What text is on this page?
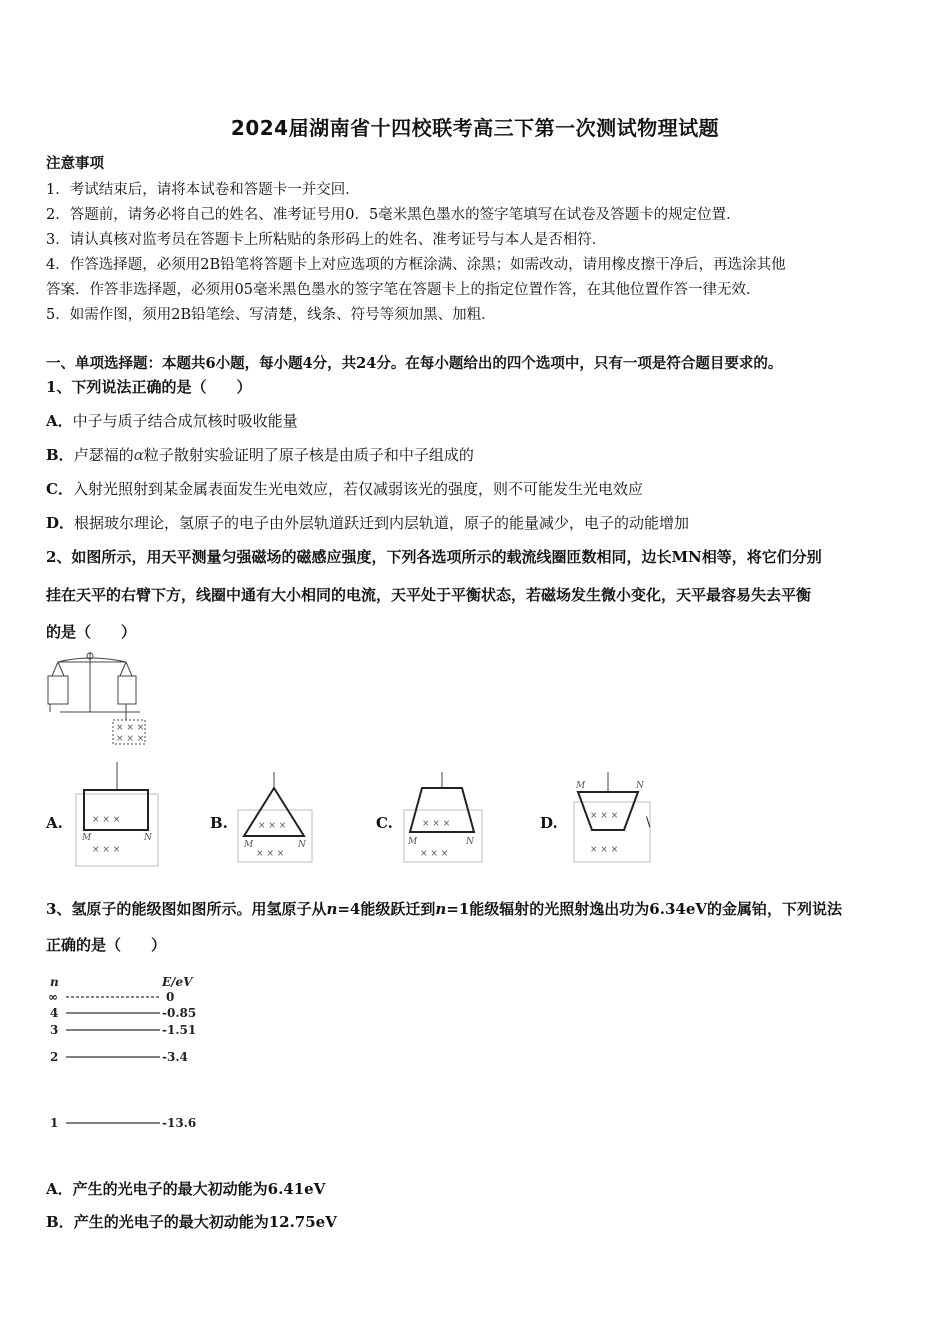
2024届湖南省十四校联考高三下第一次测试物理试题
注意事项
1．考试结束后，请将本试卷和答题卡一并交回．
2．答题前，请务必将自己的姓名、准考证号用0．5毫米黑色墨水的签字笔填写在试卷及答题卡的规定位置．
3．请认真核对监考员在答题卡上所粘贴的条形码上的姓名、准考证号与本人是否相符．
4．作答选择题，必须用2B铅笔将答题卡上对应选项的方框涂满、涂黑；如需改动，请用橡皮擦干净后，再选涂其他
答案．作答非选择题，必须用05毫米黑色墨水的签字笔在答题卡上的指定位置作答，在其他位置作答一律无效．
5．如需作图，须用2B铅笔绘、写清楚，线条、符号等须加黑、加粗．
一、单项选择题：本题共6小题，每小题4分，共24分。在每小题给出的四个选项中，只有一项是符合题目要求的。
1、下列说法正确的是（　　）
A．中子与质子结合成氘核时吸收能量
B．卢瑟福的α粒子散射实验证明了原子核是由质子和中子组成的
C．入射光照射到某金属表面发生光电效应，若仅减弱该光的强度，则不可能发生光电效应
D．根据玻尔理论，氢原子的电子由外层轨道跃迁到内层轨道，原子的能量减少，电子的动能增加
2、如图所示，用天平测量匀强磁场的磁感应强度，下列各选项所示的载流线圈匝数相同，边长MN相等，将它们分别
挂在天平的右臂下方，线圈中通有大小相同的电流，天平处于平衡状态，若磁场发生微小变化，天平最容易失去平衡
的是（　　）
× × ×
× × ×
A.	× × ×
× × ×
M	N
B.	× × ×
× × ×
M	N
C.	× × ×
× × ×
M	N
D.
M	N
× × ×
× × ×
\
3、氢原子的能级图如图所示。用氢原子从n=4能级跃迁到n=1能级辐射的光照射逸出功为6.34eV的金属铂，下列说法
正确的是（　　）
n	E/eV
∞	0
4	-0.85
3	-1.51
2	-3.4
1	-13.6
A．产生的光电子的最大初动能为6.41eV
B．产生的光电子的最大初动能为12.75eV
